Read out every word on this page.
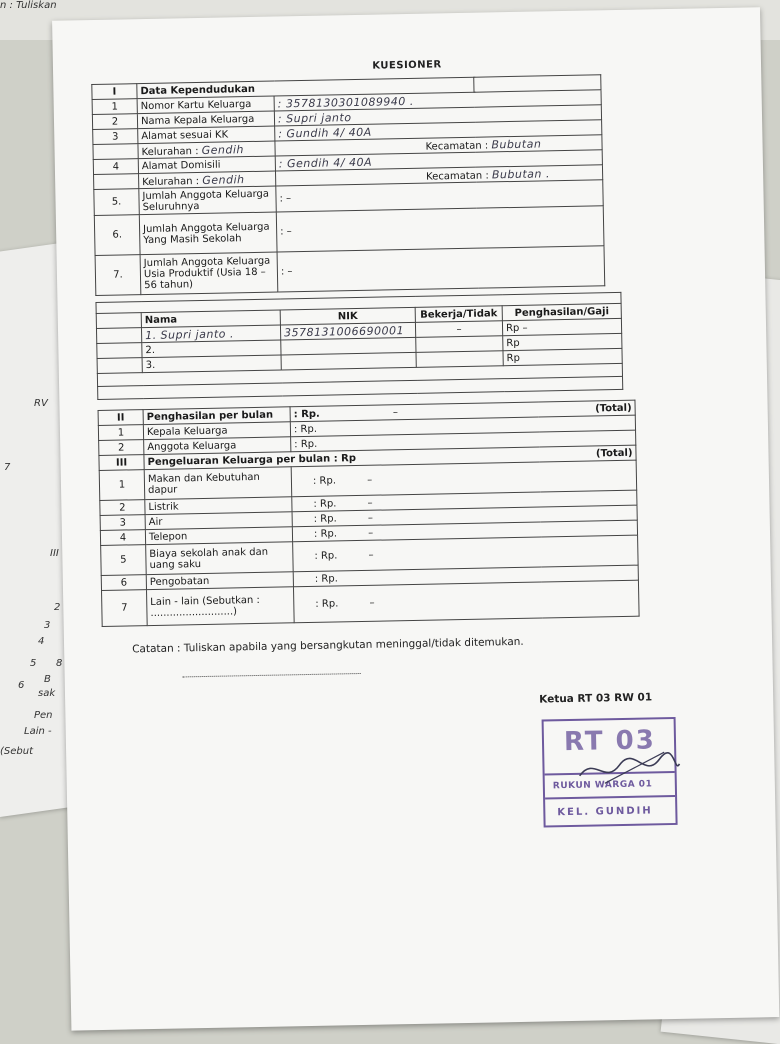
RV
III
2
3
4
5
6
7
8
B
sak
Pen
Lain -
(Sebut
n : Tuliskan
KUESIONER
I	Data Kependudukan		
1	Nomor Kartu Keluarga	: 3578130301089940 .	
2	Nama Kepala Keluarga	: Supri janto	
3	Alamat sesuai KK	: Gundih 4/ 40A	
	Kelurahan : Gendih	Kecamatan : Bubutan	
4	Alamat Domisili	: Gendih 4/ 40A	
	Kelurahan : Gendih	Kecamatan : Bubutan .	
5.	Jumlah Anggota Keluarga Seluruhnya	: –	
6.	Jumlah Anggota Keluarga Yang Masih Sekolah	: –	
7.	Jumlah Anggota Keluarga Usia Produktif (Usia 18 – 56 tahun)	: –	

	Nama	NIK	Bekerja/Tidak	Penghasilan/Gaji
	1. Supri janto .	3578131006690001	–	Rp –
	2.			Rp
	3.			Rp

II	Penghasilan per bulan	: Rp. –	(Total)
1	Kepala Keluarga	: Rp.	
2	Anggota Keluarga	: Rp.	
III	Pengeluaran Keluarga per bulan : Rp		(Total)
1	Makan dan Kebutuhan dapur	: Rp. –	
2	Listrik	: Rp. –	
3	Air	: Rp. –	
4	Telepon	: Rp. –	
5	Biaya sekolah anak dan uang saku	: Rp. –	
6	Pengobatan	: Rp.	
7	Lain - lain (Sebutkan : ..........................)	: Rp. –	
Catatan : Tuliskan apabila yang bersangkutan meninggal/tidak ditemukan.
Ketua RT 03 RW 01
RT 03
RUKUN WARGA 01
KEL. GUNDIH
